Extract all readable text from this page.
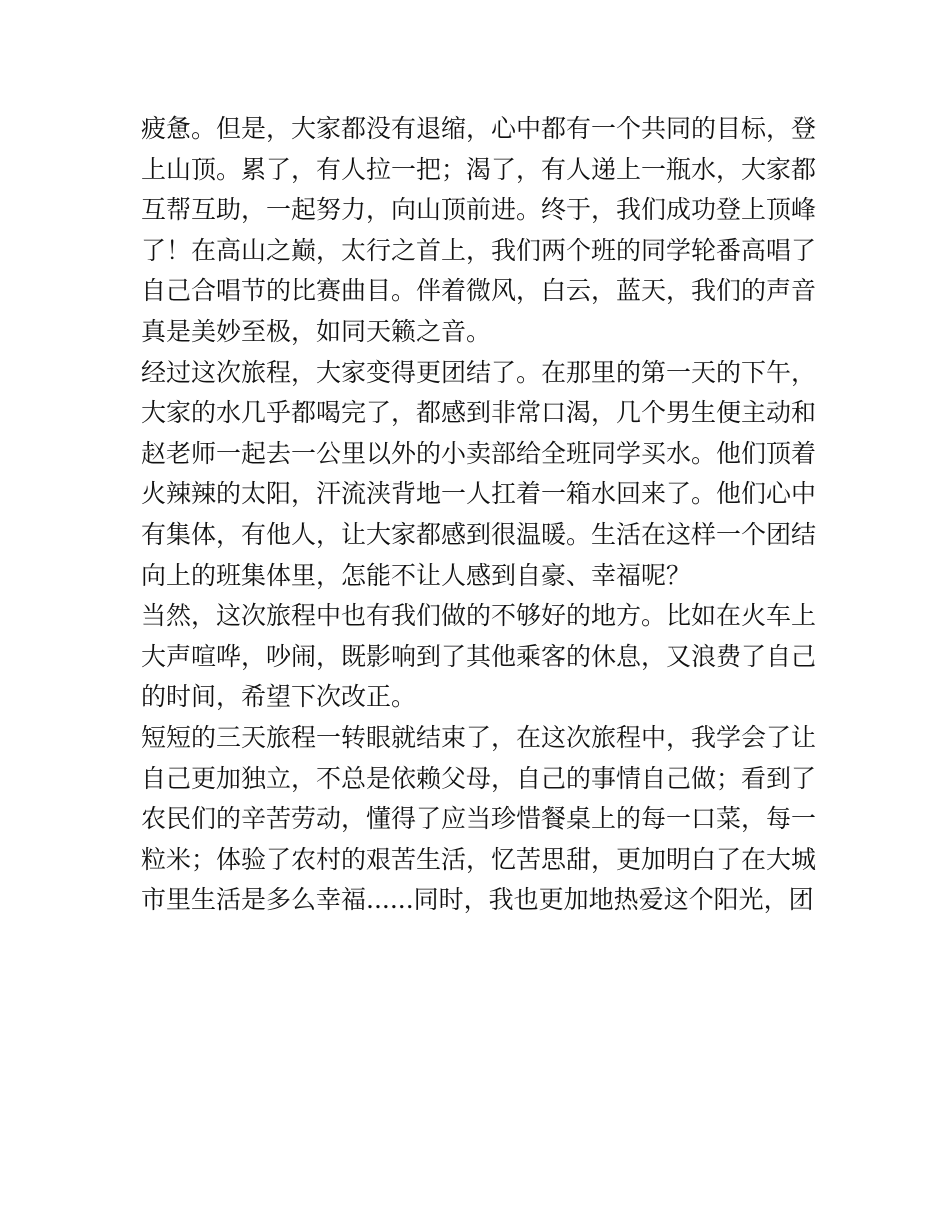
疲惫。但是，大家都没有退缩，心中都有一个共同的目标，登

上山顶。累了，有人拉一把；渴了，有人递上一瓶水，大家都

互帮互助，一起努力，向山顶前进。终于，我们成功登上顶峰

了！在高山之巅，太行之首上，我们两个班的同学轮番高唱了

自己合唱节的比赛曲目。伴着微风，白云，蓝天，我们的声音

真是美妙至极，如同天籁之音。

经过这次旅程，大家变得更团结了。在那里的第一天的下午，

大家的水几乎都喝完了，都感到非常口渴，几个男生便主动和

赵老师一起去一公里以外的小卖部给全班同学买水。他们顶着

火辣辣的太阳，汗流浃背地一人扛着一箱水回来了。他们心中

有集体，有他人，让大家都感到很温暖。生活在这样一个团结

向上的班集体里，怎能不让人感到自豪、幸福呢？

当然，这次旅程中也有我们做的不够好的地方。比如在火车上

大声喧哗，吵闹，既影响到了其他乘客的休息，又浪费了自己

的时间，希望下次改正。

短短的三天旅程一转眼就结束了，在这次旅程中，我学会了让

自己更加独立，不总是依赖父母，自己的事情自己做；看到了

农民们的辛苦劳动，懂得了应当珍惜餐桌上的每一口菜，每一

粒米；体验了农村的艰苦生活，忆苦思甜，更加明白了在大城

市里生活是多么幸福......同时，我也更加地热爱这个阳光，团
